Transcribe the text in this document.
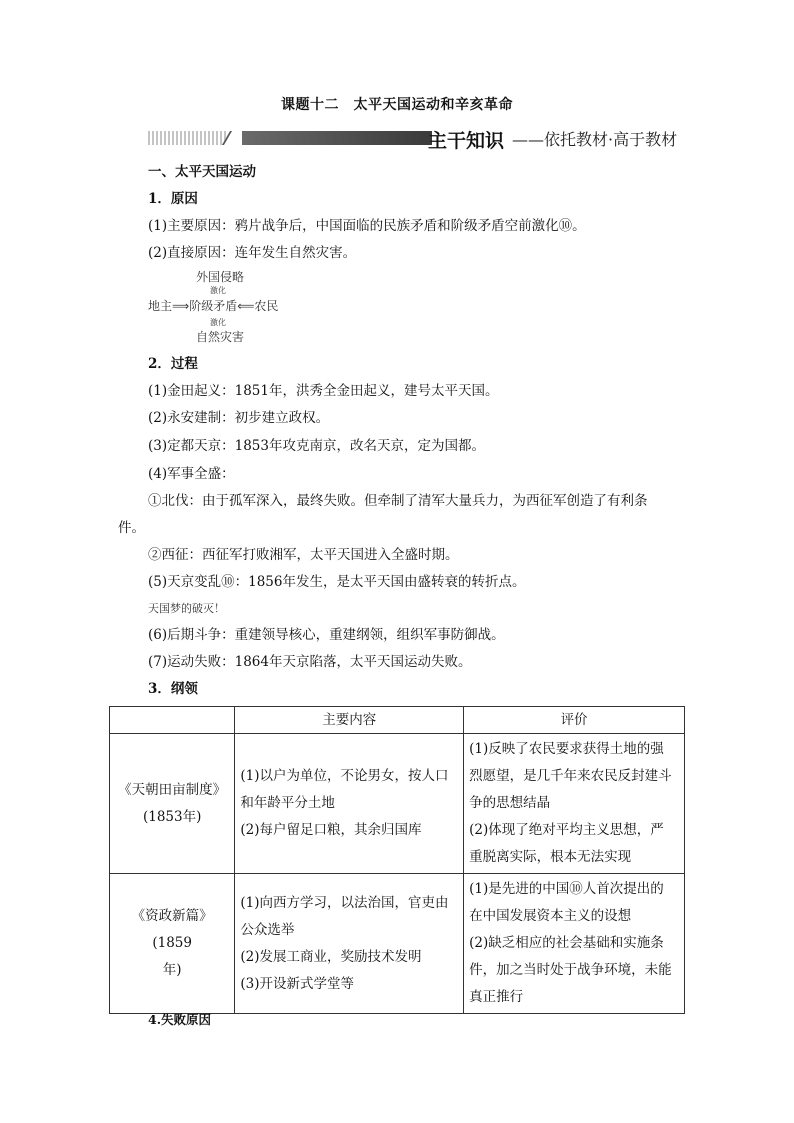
课题十二　太平天国运动和辛亥革命
主干知识 ——依托教材·高于教材
一、太平天国运动
1．原因
(1)主要原因：鸦片战争后，中国面临的民族矛盾和阶级矛盾空前激化⑩。
(2)直接原因：连年发生自然灾害。
外国侵略
激化
地主⟹阶级矛盾⟸农民
激化
自然灾害
2．过程
(1)金田起义：1851年，洪秀全金田起义，建号太平天国。
(2)永安建制：初步建立政权。
(3)定都天京：1853年攻克南京，改名天京，定为国都。
(4)军事全盛：
①北伐：由于孤军深入，最终失败。但牵制了清军大量兵力，为西征军创造了有利条
件。
②西征：西征军打败湘军，太平天国进入全盛时期。
(5)天京变乱⑩：1856年发生，是太平天国由盛转衰的转折点。
天国梦的破灭！
(6)后期斗争：重建领导核心，重建纲领，组织军事防御战。
(7)运动失败：1864年天京陷落，太平天国运动失败。
3．纲领
	主要内容	评价

《天朝田亩制度》
(1853年)	(1)以户为单位，不论男女，按人口
和年龄平分土地
(2)每户留足口粮，其余归国库	(1)反映了农民要求获得土地的强
烈愿望，是几千年来农民反封建斗
争的思想结晶
(2)体现了绝对平均主义思想，严
重脱离实际，根本无法实现

《资政新篇》(1859
年)	(1)向西方学习，以法治国，官吏由
公众选举
(2)发展工商业，奖励技术发明
(3)开设新式学堂等	(1)是先进的中国⑩人首次提出的
在中国发展资本主义的设想
(2)缺乏相应的社会基础和实施条
件，加之当时处于战争环境，未能
真正推行
4.失败原因
